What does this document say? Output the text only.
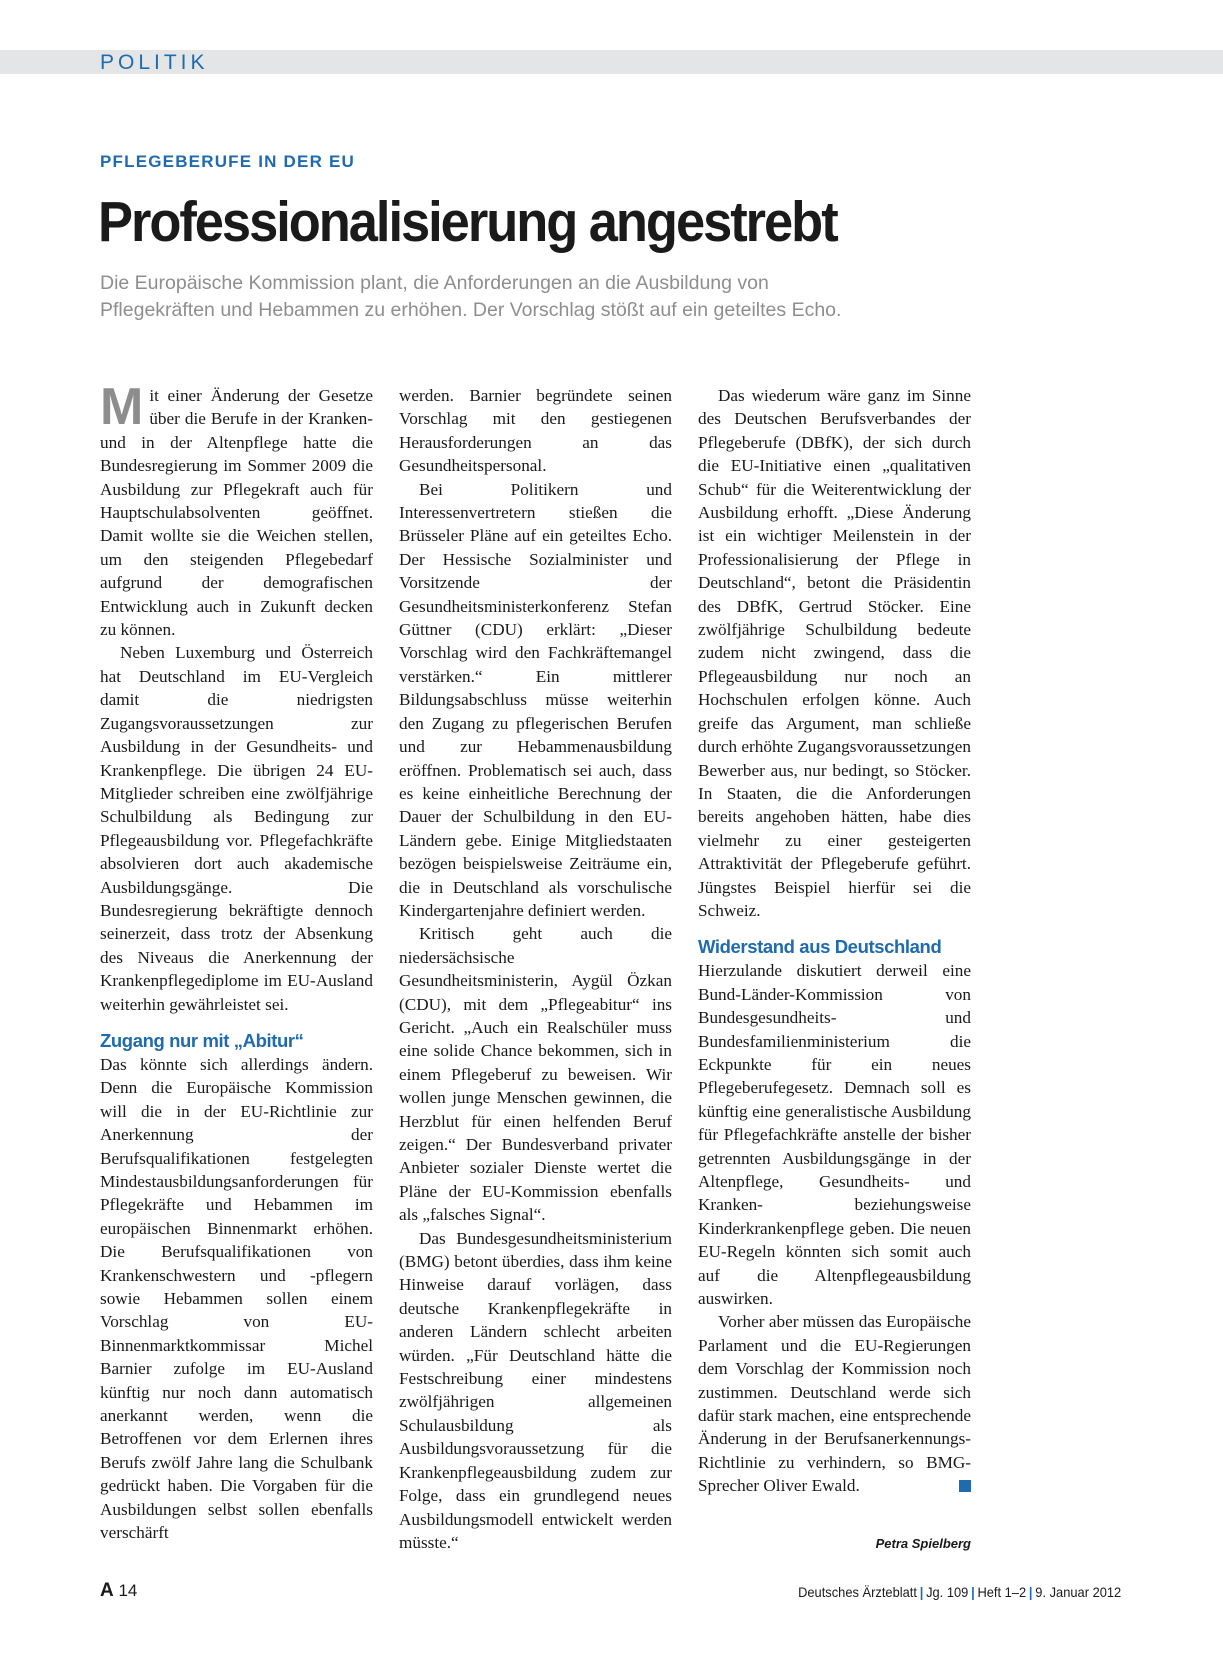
POLITIK
PFLEGEBERUFE IN DER EU
Professionalisierung angestrebt
Die Europäische Kommission plant, die Anforderungen an die Ausbildung von
Pflegekräften und Hebammen zu erhöhen. Der Vorschlag stößt auf ein geteiltes Echo.

Mit einer Änderung der Gesetze über die Berufe in der Kranken- und in der Altenpflege hatte die Bundesregierung im Sommer 2009 die Ausbildung zur Pflegekraft auch für Hauptschulabsolventen geöffnet. Damit wollte sie die Weichen stellen, um den steigenden Pflegebedarf aufgrund der demografischen Entwicklung auch in Zukunft decken zu können.

Neben Luxemburg und Österreich hat Deutschland im EU-Vergleich damit die niedrigsten Zugangsvoraussetzungen zur Ausbildung in der Gesundheits- und Krankenpflege. Die übrigen 24 EU-Mitglieder schreiben eine zwölfjährige Schulbildung als Bedingung zur Pflegeausbildung vor. Pflegefachkräfte absolvieren dort auch akademische Ausbildungsgänge. Die Bundesregierung bekräftigte dennoch seinerzeit, dass trotz der Absenkung des Niveaus die Anerkennung der Krankenpflegediplome im EU-Ausland weiterhin gewährleistet sei.

Zugang nur mit „Abitur“

Das könnte sich allerdings ändern. Denn die Europäische Kommission will die in der EU-Richtlinie zur Anerkennung der Berufsqualifikationen festgelegten Mindestausbildungsanforderungen für Pflegekräfte und Hebammen im europäischen Binnenmarkt erhöhen. Die Berufsqualifikationen von Krankenschwestern und -pflegern sowie Hebammen sollen einem Vorschlag von EU-Binnenmarktkommissar Michel Barnier zufolge im EU-Ausland künftig nur noch dann automatisch anerkannt werden, wenn die Betroffenen vor dem Erlernen ihres Berufs zwölf Jahre lang die Schulbank gedrückt haben. Die Vorgaben für die Ausbildungen selbst sollen ebenfalls verschärft

werden. Barnier begründete seinen Vorschlag mit den gestiegenen Herausforderungen an das Gesundheitspersonal.

Bei Politikern und Interessenvertretern stießen die Brüsseler Pläne auf ein geteiltes Echo. Der Hessische Sozialminister und Vorsitzende der Gesundheitsministerkonferenz Stefan Güttner (CDU) erklärt: „Dieser Vorschlag wird den Fachkräftemangel verstärken.“ Ein mittlerer Bildungsabschluss müsse weiterhin den Zugang zu pflegerischen Berufen und zur Hebammenausbildung eröffnen. Problematisch sei auch, dass es keine einheitliche Berechnung der Dauer der Schulbildung in den EU-Ländern gebe. Einige Mitgliedstaaten bezögen beispielsweise Zeiträume ein, die in Deutschland als vorschulische Kindergartenjahre definiert werden.

Kritisch geht auch die niedersächsische Gesundheitsministerin, Aygül Özkan (CDU), mit dem „Pflegeabitur“ ins Gericht. „Auch ein Realschüler muss eine solide Chance bekommen, sich in einem Pflegeberuf zu beweisen. Wir wollen junge Menschen gewinnen, die Herzblut für einen helfenden Beruf zeigen.“ Der Bundesverband privater Anbieter sozialer Dienste wertet die Pläne der EU-Kommission ebenfalls als „falsches Signal“.

Das Bundesgesundheitsministerium (BMG) betont überdies, dass ihm keine Hinweise darauf vorlägen, dass deutsche Krankenpflegekräfte in anderen Ländern schlecht arbeiten würden. „Für Deutschland hätte die Festschreibung einer mindestens zwölfjährigen allgemeinen Schulausbildung als Ausbildungsvoraussetzung für die Krankenpflegeausbildung zudem zur Folge, dass ein grundlegend neues Ausbildungsmodell entwickelt werden müsste.“

Das wiederum wäre ganz im Sinne des Deutschen Berufsverbandes der Pflegeberufe (DBfK), der sich durch die EU-Initiative einen „qualitativen Schub“ für die Weiterentwicklung der Ausbildung erhofft. „Diese Änderung ist ein wichtiger Meilenstein in der Professionalisierung der Pflege in Deutschland“, betont die Präsidentin des DBfK, Gertrud Stöcker. Eine zwölfjährige Schulbildung bedeute zudem nicht zwingend, dass die Pflegeausbildung nur noch an Hochschulen erfolgen könne. Auch greife das Argument, man schließe durch erhöhte Zugangsvoraussetzungen Bewerber aus, nur bedingt, so Stöcker. In Staaten, die die Anforderungen bereits angehoben hätten, habe dies vielmehr zu einer gesteigerten Attraktivität der Pflegeberufe geführt. Jüngstes Beispiel hierfür sei die Schweiz.

Widerstand aus Deutschland

Hierzulande diskutiert derweil eine Bund-Länder-Kommission von Bundesgesundheits- und Bundesfamilienministerium die Eckpunkte für ein neues Pflegeberufegesetz. Demnach soll es künftig eine generalistische Ausbildung für Pflegefachkräfte anstelle der bisher getrennten Ausbildungsgänge in der Altenpflege, Gesundheits- und Kranken- beziehungsweise Kinderkrankenpflege geben. Die neuen EU-Regeln könnten sich somit auch auf die Altenpflegeausbildung auswirken.

Vorher aber müssen das Europäische Parlament und die EU-Regierungen dem Vorschlag der Kommission noch zustimmen. Deutschland werde sich dafür stark machen, eine entsprechende Änderung in der Berufsanerkennungs-Richtlinie zu verhindern, so BMG-Sprecher Oliver Ewald.

Petra Spielberg
A 14	Deutsches Ärzteblatt | Jg. 109 | Heft 1–2 | 9. Januar 2012
